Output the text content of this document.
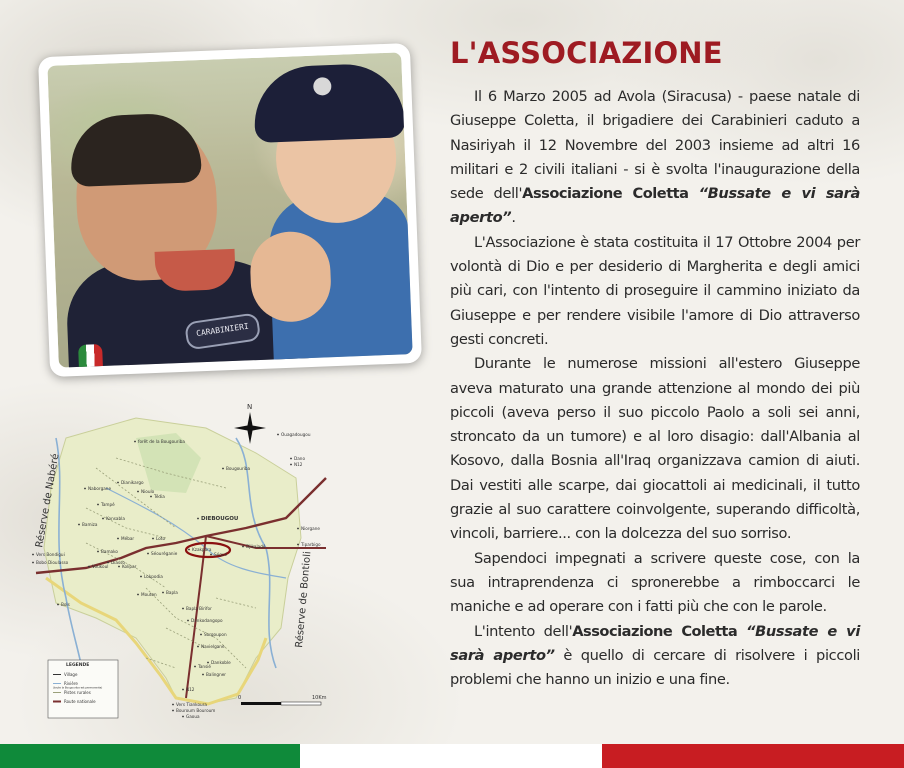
CARABINIERI
Réserve de Nabéré
Réserve de Bontioli
N
Ouagadougou
Dano
N12
forêt de la Bougouriba
Bougouriba
Dianikargo
Naborgane
Nioulo
Tédia
Tampé
Konsabla
Bamiza
DIEBOUGOU
Mébar	Loto
Bamako	Kzakpara
Diasso
Voukoul	Kolipar
Ségué
Séouréganie
Lokpodia
Djikaladé
Vers Bondigui
Bobo Dioulasso
Mouton Bapla
Bapla Birifor
Dankodangopo
Sorgoupon
Navielgane
Dankoble
Tansié
Balingner
Niorgane
Tiparbigo
Vers Tiankoura
Bouroum Bouroum
Gaoua
N12
Bols
LEGENDE
Village
Rivière
Pistes rurales
Route nationale
(toute la Bougouriba est permanente)
0	10Km
L'ASSOCIAZIONE

Il 6 Marzo 2005 ad Avola (Siracusa) - paese natale di Giuseppe Coletta, il brigadiere dei Carabinieri caduto a Nasiriyah il 12 Novembre del 2003 insieme ad altri 16 militari e 2 civili italiani - si è svolta l'inaugurazione della sede dell'Associazione Coletta “Bussate e vi sarà aperto”.

L'Associazione è stata costituita il 17 Ottobre 2004 per volontà di Dio e per desiderio di Margherita e degli amici più cari, con l'intento di proseguire il cammino iniziato da Giuseppe e per rendere visibile l'amore di Dio attraverso gesti concreti.

Durante le numerose missioni all'estero Giuseppe aveva maturato una grande attenzione al mondo dei più piccoli (aveva perso il suo piccolo Paolo a soli sei anni, stroncato da un tumore) e al loro disagio: dall'Albania al Kosovo, dalla Bosnia all'Iraq organizzava camion di aiuti. Dai vestiti alle scarpe, dai giocattoli ai medicinali, il tutto grazie al suo carattere coinvolgente, superando difficoltà, vincoli, barriere... con la dolcezza del suo sorriso.

Sapendoci impegnati a scrivere queste cose, con la sua intraprendenza ci spronerebbe a rimboccarci le maniche e ad operare con i fatti più che con le parole.

L'intento dell'Associazione Coletta “Bussate e vi sarà aperto” è quello di cercare di risolvere i piccoli problemi che hanno un inizio e una fine.
